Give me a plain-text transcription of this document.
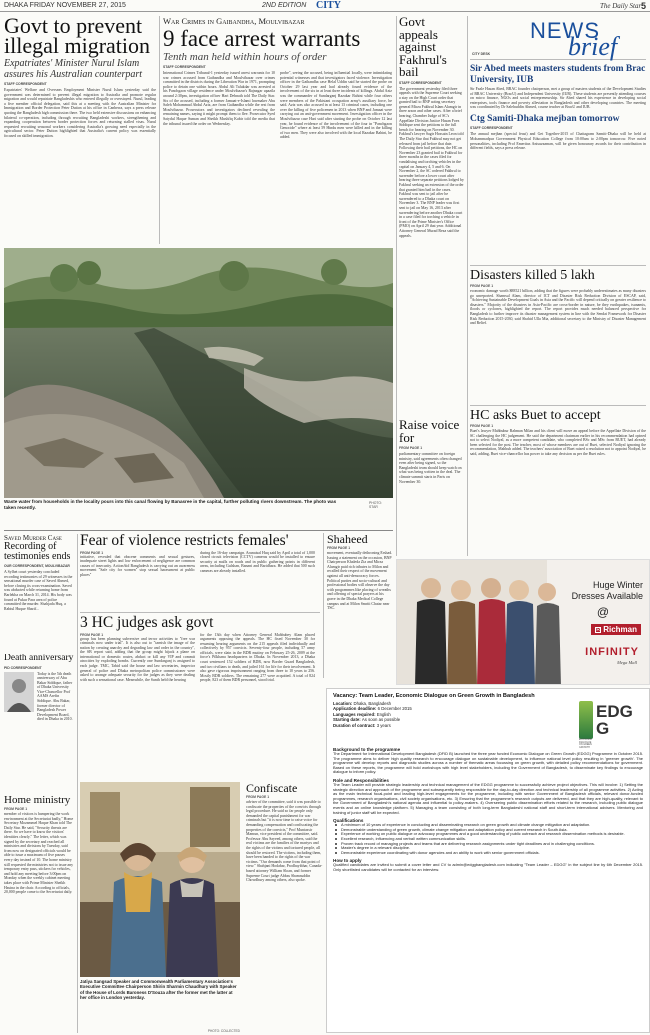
DHAKA FRIDAY NOVEMBER 27, 2015	2ND EDITION CITY	The Daily Star 5
Govt to prevent illegal migration
Expatriates' Minister Nurul Islam assures his Australian counterpart
STAFF CORRESPONDENT
Expatriates' Welfare and Overseas Employment Minister Nurul Islam yesterday said the government was determined to prevent illegal migration to Australia and promote regular migration and would repatriate Bangladeshis who entered illegally or overstayed. Nurul, leading a five member official delegation, said this at a meeting with the Australian Minister for Immigration and Border Protection Peter Dutton at his office in Canberra, says a press release quoting the Bangladesh high commission there. The two held extensive discussions on enhancing bilateral co-operation, including through recruiting Bangladeshi workers, strengthening and expanding cooperation between border protection forces and returning stalled visas. Nurul requested recruiting seasonal workers considering Australia's growing need especially in the agricultural sector. Peter Dutton highlighted that Australia's current policy was essentially focused on skilled immigration.
War Crimes in Gaibandha, Moulvibazar
9 face arrest warrants
Tenth man held within hours of order
STAFF CORRESPONDENT
International Crimes Tribunal-1 yesterday issued arrest warrants for 10 war crimes accused from Gaibandha and Moulvibazar over crimes committed in the districts during the Liberation War in 1971, prompting police to detain one within hours. Abdul Ali Talukdar was arrested at his Panchgaon village residence under Moulvibazar's Rajnagar upazila around 2:30pm, investigation officer Hari Debnath told The Daily Star. Six of the accused, including a former Jamaat-e-Islami lawmaker Abu Saleh Mohammad Abdul Aziz, are from Gaibandha while the rest from Moulvibazar. Prosecutors and investigators declined revealing the remaining names, saying it might prompt them to flee. Prosecutor Syed Saiydul Haque Suman and Sheikh Mushfiq Kabir told the media that the tribunal issued the order on Wednesday.
probe", seeing the accused, being influential locally, were intimidating potential witnesses and that investigators faced violence. Investigation officer in the Gaibandha case Helal Uddin said he started the probe on October 29 last year and had already found evidence of the involvement of the six in at least three incidents of killings. Abdul Aziz was the commander of Sundarganj Razakar Bahini while four others were members of the Pakistani occupation army's auxiliary force, he said. Aziz was also accused in at least 13 criminal cases, including one over the killing of five policemen in 2013 when BNP and Jamaat were carrying out an anti-government movement. Investigation officer in the Moulvibazar case Hari said after starting the probe on October 12 last year, he found evidence of the involvement of the four in "Panchgaon Genocide" where at least 59 Hindu men were killed and in the killing of two men. They were also involved with the local Razakar Bahini, he added.
Govt appeals against Fakhrul's bail
STAFF CORRESPONDENT
The government yesterday filed three appeals with the Supreme Court seeking a stay on the High Court order that granted bail to BNP acting secretary general Mirza Fakhrul Islam Alamgir in three arson and other cases. After a brief hearing, Chamber Judge of SC's Appellate Division Justice Hasan Foez Siddique sent the petitions to the full bench for hearing on November 30. Fakhrul's lawyer Sagir Hossain Leon told The Daily Star that Fakhrul may not get released from jail before that date. Following their bail petitions, the HC on November 23 granted bail to Fakhrul for three months in the cases filed for vandalising and torching vehicles in the capital on January 4, 5 and 6. On November 2, the SC ordered Fakhrul to surrender before a lower court after hearing three separate petitions lodged by Fakhrul seeking an extension of the order that granted him bail in the cases. Fakhrul was sent to jail after he surrendered to a Dhaka court on November 3. The BNP leader was first sent to jail on May 16, 2013 after surrendering before another Dhaka court in a case filed for torching a vehicle in front of the Prime Minister's Office (PMO) on April 29 that year. Additional Attorney General Murad Reza said the appeals.
Raise voice for
FROM PAGE 1
parliamentary committee on foreign ministry, said agreements often changed even after being signed, so the Bangladeshi team should keep watch on what was being written in the deal. The climate summit starts in Paris on November 30.
NEWS
brief
CITY DESK
Sir Abed meets masters students from Brac University, IUB
Sir Fazle Hasan Abed, BRAC founder chairperson, met a group of masters students of the Development Studies of BRAC University (BracU) and Independent University (IUB). These students are presently attending courses on micro finance, NGOs and social entrepreneurship. Sir Abed shared his experience in developing social enterprises, tools finance and poverty alleviation in Bangladesh and other developing countries. The meeting was coordinated by Dr Salehuddin Ahmed, course teacher at BracU and IUB.
Ctg Samiti-Dhaka mejban tomorrow
STAFF CORRESPONDENT
The annual mejban (special feast) and Get Together-2015 of Chattagram Samiti-Dhaka will be held at Mohammadpur Government Physical Education College from 10:00am to 2:00pm tomorrow. Five noted personalities, including Prof Emeritus Anisuzzaman, will be given honourary awards for their contribution in different fields, says a press release.
Disasters killed 5 lakh
FROM PAGE 1
economic damage worth $88521 billion, adding that the figures were probably underestimates as many disasters go unreported. Shamsul Alam, director of ICT and Disaster Risk Reduction Division of ESCAP, said, "Achieving Sustainable Development Goals in Asia and the Pacific will depend critically on greater resilience to disasters." Majority of the disasters in Asia-Pacific are cross-border in nature, be they earthquakes, tsunamis, floods or cyclones, highlighted the report. The report provides much needed balanced perspective for Bangladesh to further improve its disaster management system in line with the Sendai Framework for Disaster Risk Reduction 2015-2030, said Shahid Ulla Mia, additional secretary to the Ministry of Disaster Management and Relief.
HC asks Buet to accept
FROM PAGE 1
Buet's lawyer Mahbubur Rahman Milan and his client will move an appeal before the Appellate Division of the SC challenging the HC judgement. He said the department chairman earlier in his recommendation had opined not to select Nodiyal, as a more competent candidate, who completed BSc and MSc from BUET, had already been selected for the post. The teacher, most of whose members are out of Buet, selected Nodiyal ignoring the recommendation, Mahbub added. The teachers' association of Buet raised a resolution not to appoint Nodiyal, he said, adding, Buet vice-chancellor has power to take any decision as per the Buet rules.
Waste water from households in the locality pours into this canal flowing by Banasree in the capital, further polluting rivers downstream. The photo was taken recently.
PHOTO: STAR
Saved Murder Case
Recording of testimonies ends
OUR CORRESPONDENT, MOULVIBAZAR
A Sylhet court yesterday concluded recording testimonies of 29 witnesses in the sensational murder case of Saved Ahmed, before closing its cross-examination. Saved was abducted while returning home from Barlekha on March 31, 2014. His body was found at Pukur Para area of police committed the murder. Shahjada Huq, a Rabiul Huque Sharif...
Death anniversary
PID CORRESPONDENT
Today is the 5th death anniversary of Abu Bakar Siddique, father of Dhaka University Vice-Chancellor Prof AAMS Arefin Siddique. Abu Bakar, former director of Bangladesh Power Development Board, died in Dhaka in 2010.
Home ministry
FROM PAGE 1
member of visitors is hampering the work environment at the Secretariat badly," Home Secretary Mozammel Haque Khan told The Daily Star. He said, "Security threats are there. So we have to know the visitors' identities clearly." The letter, which was signed by the secretary and reached all ministries and divisions by Tuesday, said from now on designated officials would be able to issue a maximum of five passes every day instead of 10. The home ministry still requested the ministries not to issue any temporary entry pass, stickers for vehicles, and hold any meeting before 3:00pm on Monday when the weekly cabinet meeting takes place with Prime Minister Sheikh Hasina in the chair. According to officials, 20,000 people come to the Secretariat daily.
Fear of violence restricts females'
FROM PAGE 1
initiative, revealed that obscene comments and sexual gestures, inadequate street lights and low enforcement of negligence are common causes of insecurity. ActionAid Bangladesh is carrying out an awareness movement "Safe city for women" stop sexual harassment at public places"
during the 16-day campaign. Arunaisal Huq said by April a total of 1,000 closed circuit television (CCTV) cameras would be installed to ensure security at malls on roads and in public gathering points in different areas, including Gulshan, Banani and Baridhara. He added that 500 such cameras are already installed.
3 HC judges ask govt
FROM PAGE 1
group has been planning subversive and terror activities to "free war criminals now under trial". It is also out to "tarnish the image of the nation by creating anarchy and degrading law and order in the country", the SB report said, adding that the group might hijack a plane on international or domestic routes, abduct or kill any VIP and commit atrocities by exploding bombs. Currently one Sundarganj is assigned to each judge. TMC, Tabid said the house and law secretaries, inspector general of police and Dhaka metropolitan police commissioner were asked to arrange adequate security for the judges as they were dealing with such a sensational case. Meanwhile, the Sunth held the hearing
for the 13th day when Attorney General Mahbubey Alam placed arguments opposing the appeals. The HC fixed November 30 for resuming hearing arguments on the 215 appeals filed individually and collectively by 957 convicts. Seventy-four people, including 57 army officials, were slain in the BDR mutiny on February 25-26, 2009 at the force's Pilkhana headquarters in Dhaka. In November 2013, a Dhaka court sentenced 152 soldiers of BDR, now Border Guard Bangladesh, and two civilians to death, and jailed 161 for life for their involvement. It also gave rigorous imprisonment ranging from three to 10 years to 256. Mostly BDR soldiers. The remaining 277 were acquitted. A total of 824 people, 823 of them BDR personnel, stood trial.
Shaheed
FROM PAGE 1
movement, eventually dethroning Ershad. Issuing a statement on the occasion, BNP Chairperson Khaleda Zia and Mirza Alamgir paid rich tributes to Milon and recalled their respect of the movement against all anti-democracy forces. Political parties and socio-cultural and professional bodies will observe the day with programmes like placing of wreaths and offering of special prayers at his grave in the Dhaka Medical College campus and at Milon Smriti Chatar near TSC.
Jatiya Sangsad Speaker and Commonwealth Parliamentary Association's Executive Committee Chairperson Shirin Sharmin Chaudhury with Speaker of the House of Lords Baroness D'Souza after the former met the latter at her office in London yesterday.
PHOTO: COLLECTED
Confiscate
FROM PAGE 1
adviser of the committee, said it was possible to confiscate the properties of the convicts through legal procedure. He said so far people only demanded the capital punishment for war criminals but "it is now time to raise voice for demanding compensation and confiscating the properties of the convicts," Prof Muntassir Mamun, vice president of the committee, said. Professor Abu Sayeed, among others, said the real victims are the families of the martyrs and the rights of the victims and tortured people, all should be restored. The victims, including them, have been handed to the rights of the war victims. "Our demands come from that point of view." Shahjani Hodabar, Prodhayibhar, Canada-based attorney William Sloan, and former Supreme Court judge Abbas Shamsuddin Chowdhury among others, also spoke.
Huge Winter
Dresses Available
@
R Richman
INFINITY
Mega Mall
Vacancy: Team Leader, Economic Dialogue on Green Growth in Bangladesh
Location: Dhaka, Bangladesh
Application deadline: 6 December 2015
Languages required: English
Starting date: As soon as possible
Duration of contract: 3 years
EDGG
ECONOMIC DIALOGUE ON GREEN GROWTH
Background to the programme
The Department for International Development Bangladesh (DFID B) launched the three year funded Economic Dialogue on Green Growth (EDGG) Programme in October 2015. The programme aims to deliver high quality research to encourage dialogue on sustainable development, to influence national level policy resulting in 'greener growth'. The programme will develop reports and diagnostic studies across a number of thematic areas focussing on green growth, with detailed policy recommendations for government. Based on these reports, the programme will hold workshops with high level stakeholders, including the Government of Bangladesh, to disseminate key findings to encourage dialogue to inform policy.
Role and Responsibilities
The Team Leader will provide strategic leadership and technical management of the EDGG programme to successfully achieve project objectives. This will involve: 1) Setting the strategic direction and approach of the programme and subsequently being responsible for the day-to-day direction and technical leadership of all programme activities. 2) Acting as the main technical focal-point and leading high-level engagements for the programme, including with senior Government of Bangladesh officials, relevant donor-funded programmes, research organisations, civil society organisations, etc. 3) Ensuring that the programme's research outputs are delivered, and that they are high-quality, relevant to the Government of Bangladesh's national agenda and influential to policy-makers. 4) Overseeing public dissemination efforts related to the research, including public dialogue events and an online knowledge platform. 5) Managing a team consisting of both long-term Bangladeshi national staff and short-term international advisers. Mentoring and training of junior staff will be expected.
Qualifications
A minimum of 10 years of experience in conducting and disseminating research on green growth and climate change mitigation and adaptation.
Demonstrable understanding of green growth, climate change mitigation and adaptation policy and current research in South Asia.
Experience of working on public dialogue or advocacy programmes and a good understanding of public outreach and research dissemination methods is desirable.
Excellent research, influencing and verbal/ written communication skills.
Proven track record of managing projects and teams that are delivering research assignments under tight deadlines and in challenging conditions.
Master's degree in a relevant discipline.
Demonstrable experience coordinating with donor agencies and an ability to work with senior government officials.
How to apply
Qualified candidates are invited to submit a cover letter and CV to admin@edggbangladesh.com indicating "Team Leader – EDGG" in the subject line by 6th December 2015. Only shortlisted candidates will be contacted for an interview.
